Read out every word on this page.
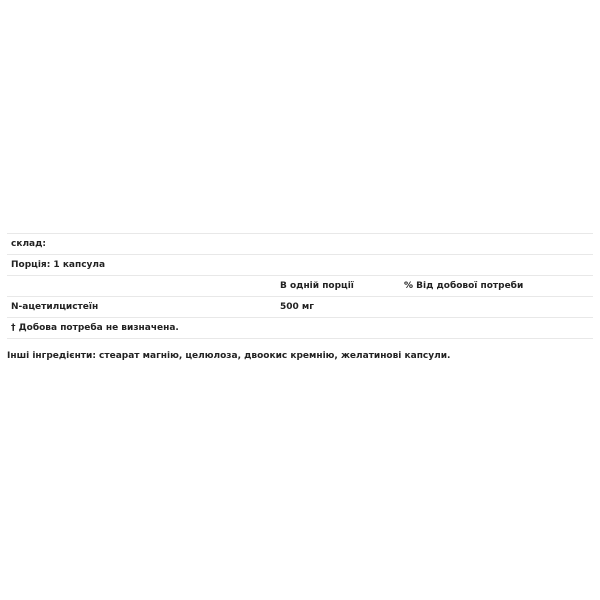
склад:		
Порція: 1 капсула		
	В одній порції	% Від добової потреби
N-ацетилцистеїн	500 мг	
† Добова потреба не визначена.		
Інші інгредієнти: стеарат магнію, целюлоза, двоокис кремнію, желатинові капсули.
